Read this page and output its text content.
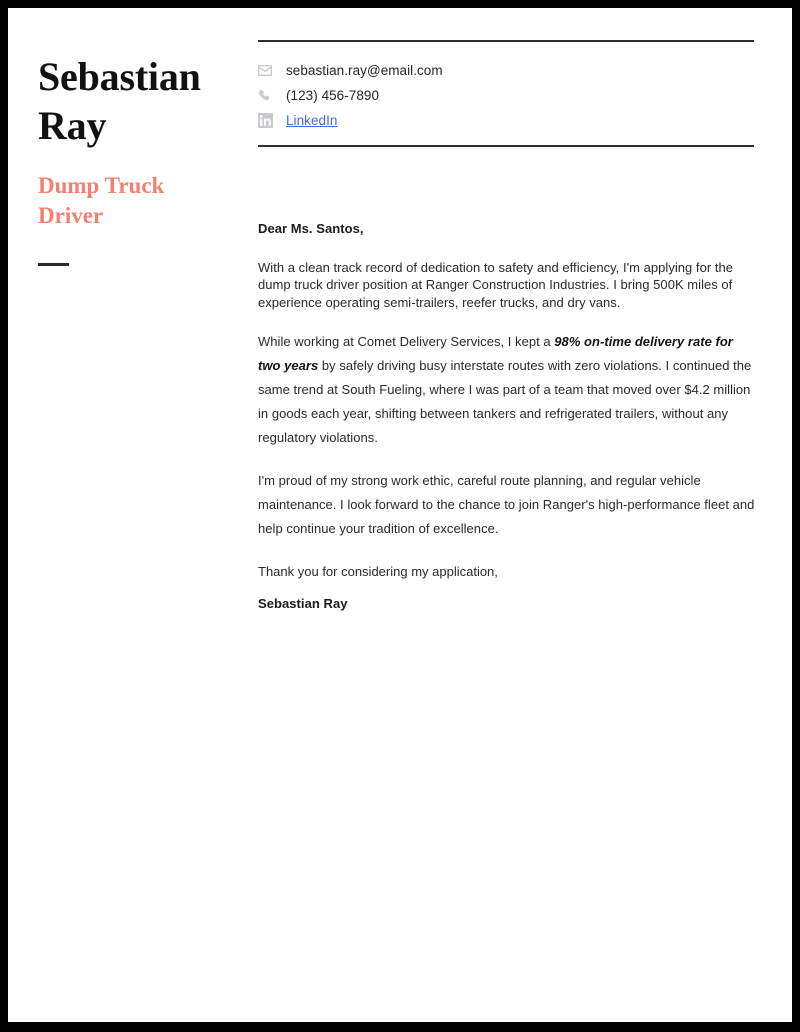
Sebastian
Ray
Dump Truck Driver
sebastian.ray@email.com
(123) 456-7890
LinkedIn

Dear Ms. Santos,

With a clean track record of dedication to safety and efficiency, I'm applying for the dump truck driver position at Ranger Construction Industries. I bring 500K miles of experience operating semi-trailers, reefer trucks, and dry vans.

While working at Comet Delivery Services, I kept a 98% on-time delivery rate for two years by safely driving busy interstate routes with zero violations. I continued the same trend at South Fueling, where I was part of a team that moved over $4.2 million in goods each year, shifting between tankers and refrigerated trailers, without any regulatory violations.

I'm proud of my strong work ethic, careful route planning, and regular vehicle maintenance. I look forward to the chance to join Ranger's high-performance fleet and help continue your tradition of excellence.

Thank you for considering my application,

Sebastian Ray
